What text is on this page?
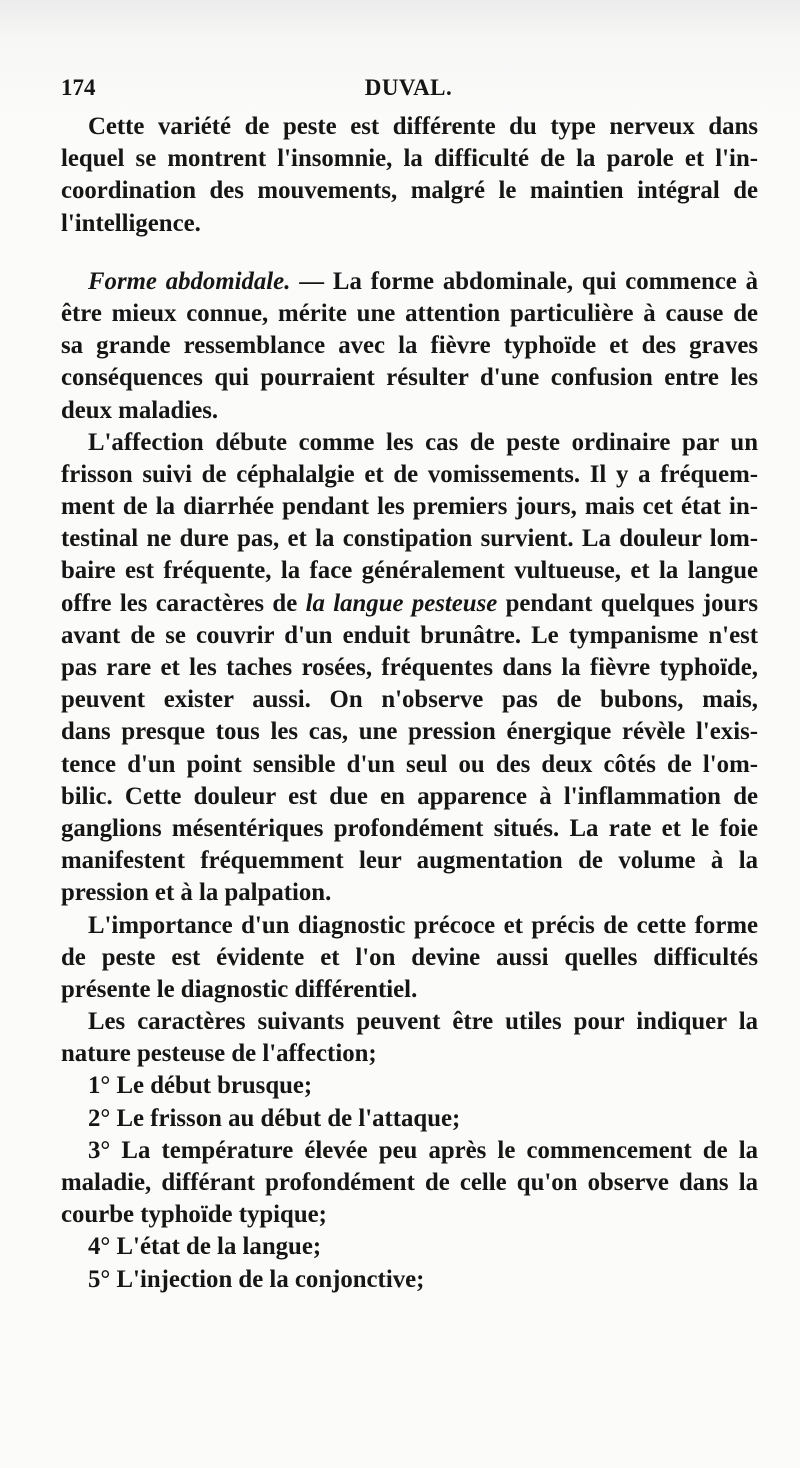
174	DUVAL.
Cette variété de peste est différente du type nerveux dans
lequel se montrent l'insomnie, la difficulté de la parole et l'in-
coordination des mouvements, malgré le maintien intégral de
l'intelligence.
Forme abdomidale. — La forme abdominale, qui commence à
être mieux connue, mérite une attention particulière à cause de
sa grande ressemblance avec la fièvre typhoïde et des graves
conséquences qui pourraient résulter d'une confusion entre les
deux maladies.
L'affection débute comme les cas de peste ordinaire par un
frisson suivi de céphalalgie et de vomissements. Il y a fréquem-
ment de la diarrhée pendant les premiers jours, mais cet état in-
testinal ne dure pas, et la constipation survient. La douleur lom-
baire est fréquente, la face généralement vultueuse, et la langue
offre les caractères de la langue pesteuse pendant quelques jours
avant de se couvrir d'un enduit brunâtre. Le tympanisme n'est
pas rare et les taches rosées, fréquentes dans la fièvre typhoïde,
peuvent exister aussi. On n'observe pas de bubons, mais,
dans presque tous les cas, une pression énergique révèle l'exis-
tence d'un point sensible d'un seul ou des deux côtés de l'om-
bilic. Cette douleur est due en apparence à l'inflammation de
ganglions mésentériques profondément situés. La rate et le foie
manifestent fréquemment leur augmentation de volume à la
pression et à la palpation.
L'importance d'un diagnostic précoce et précis de cette forme
de peste est évidente et l'on devine aussi quelles difficultés
présente le diagnostic différentiel.
Les caractères suivants peuvent être utiles pour indiquer la
nature pesteuse de l'affection;
1° Le début brusque;
2° Le frisson au début de l'attaque;
3° La température élevée peu après le commencement de la
maladie, différant profondément de celle qu'on observe dans la
courbe typhoïde typique;
4° L'état de la langue;
5° L'injection de la conjonctive;
